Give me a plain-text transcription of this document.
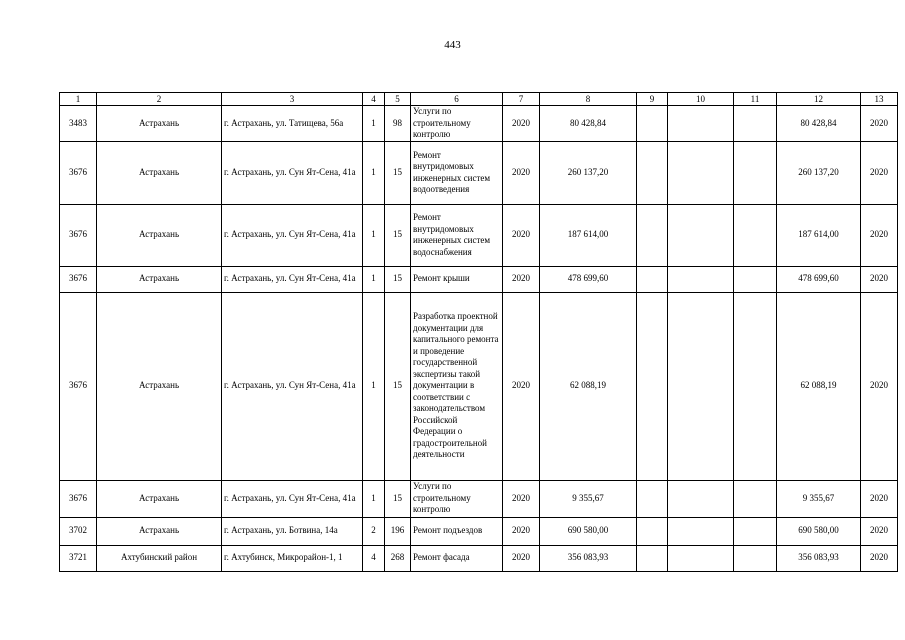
443
1	2	3	4	5	6	7	8	9	10	11	12	13
3483	Астрахань	г. Астрахань, ул. Татищева, 56а	1	98	Услуги по строительному контролю	2020	80 428,84				80 428,84	2020
3676	Астрахань	г. Астрахань, ул. Сун Ят-Сена, 41а	1	15	Ремонт внутридомовых инженерных систем водоотведения	2020	260 137,20				260 137,20	2020
3676	Астрахань	г. Астрахань, ул. Сун Ят-Сена, 41а	1	15	Ремонт внутридомовых инженерных систем водоснабжения	2020	187 614,00				187 614,00	2020
3676	Астрахань	г. Астрахань, ул. Сун Ят-Сена, 41а	1	15	Ремонт крыши	2020	478 699,60				478 699,60	2020
3676	Астрахань	г. Астрахань, ул. Сун Ят-Сена, 41а	1	15	Разработка проектной документации для капитального ремонта и проведение государственной экспертизы такой документации в соответствии с законодательством Российской Федерации о градостроительной деятельности	2020	62 088,19				62 088,19	2020
3676	Астрахань	г. Астрахань, ул. Сун Ят-Сена, 41а	1	15	Услуги по строительному контролю	2020	9 355,67				9 355,67	2020
3702	Астрахань	г. Астрахань, ул. Ботвина, 14а	2	196	Ремонт подъездов	2020	690 580,00				690 580,00	2020
3721	Ахтубинский район	г. Ахтубинск, Микрорайон-1, 1	4	268	Ремонт фасада	2020	356 083,93				356 083,93	2020
